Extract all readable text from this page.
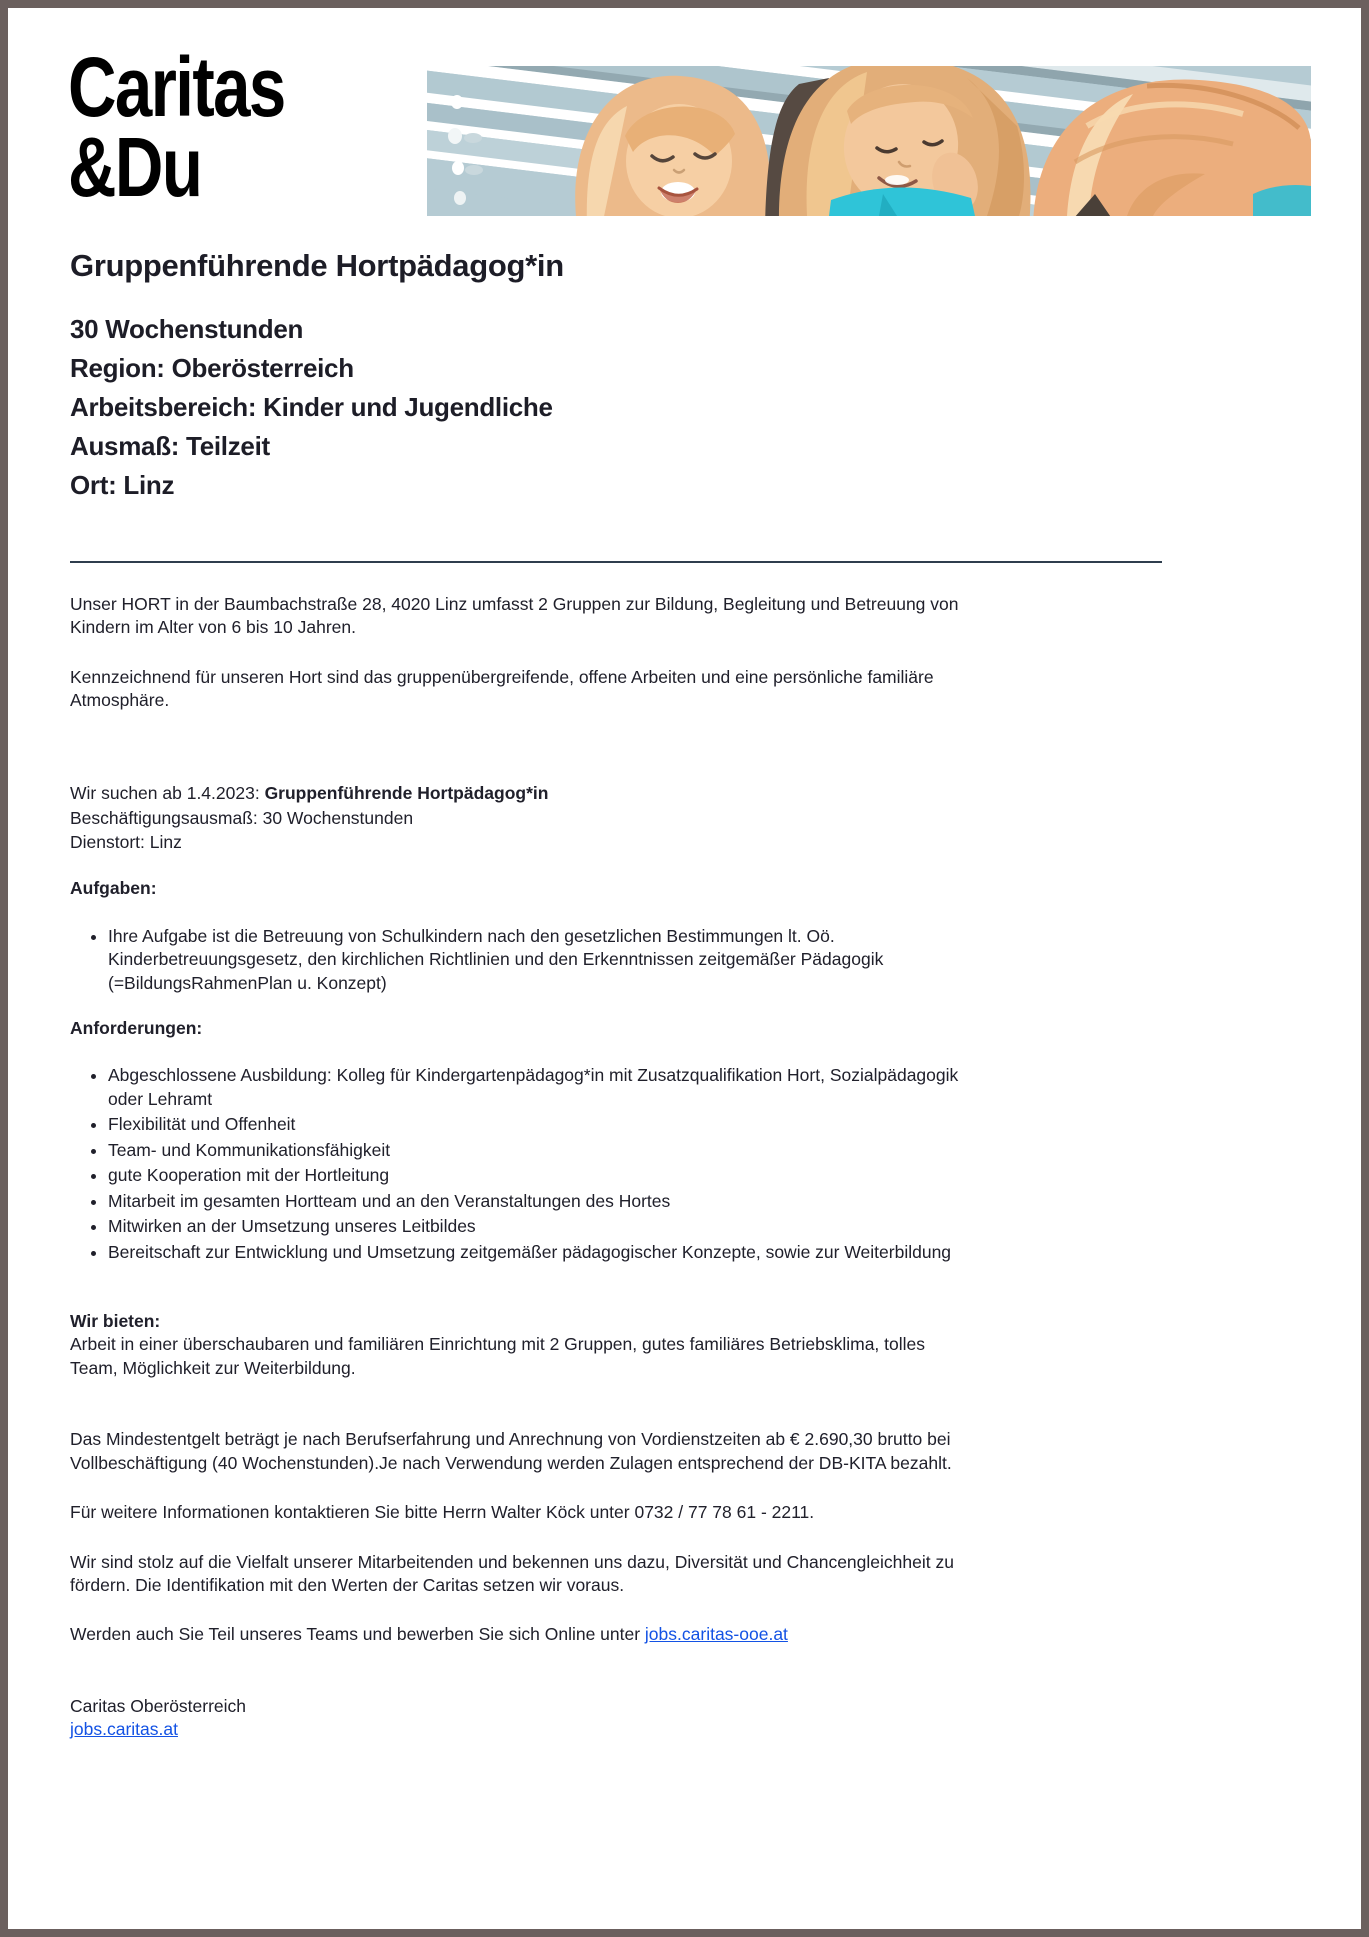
Caritas
&Du
Gruppenführende Hortpädagog*in

30 Wochenstunden

Region: Oberösterreich

Arbeitsbereich: Kinder und Jugendliche

Ausmaß: Teilzeit

Ort: Linz

Unser HORT in der Baumbachstraße 28, 4020 Linz umfasst 2 Gruppen zur Bildung, Begleitung und Betreuung von Kindern im Alter von 6 bis 10 Jahren.

Kennzeichnend für unseren Hort sind das gruppenübergreifende, offene Arbeiten und eine persönliche familiäre Atmosphäre.

Wir suchen ab 1.4.2023: Gruppenführende Hortpädagog*in

Beschäftigungsausmaß: 30 Wochenstunden

Dienstort: Linz

Aufgaben:

• Ihre Aufgabe ist die Betreuung von Schulkindern nach den gesetzlichen Bestimmungen lt. Oö. Kinderbetreuungsgesetz, den kirchlichen Richtlinien und den Erkenntnissen zeitgemäßer Pädagogik (=BildungsRahmenPlan u. Konzept)

Anforderungen:

• Abgeschlossene Ausbildung: Kolleg für Kindergartenpädagog*in mit Zusatzqualifikation Hort, Sozialpädagogik oder Lehramt
• Flexibilität und Offenheit
• Team- und Kommunikationsfähigkeit
• gute Kooperation mit der Hortleitung
• Mitarbeit im gesamten Hortteam und an den Veranstaltungen des Hortes
• Mitwirken an der Umsetzung unseres Leitbildes
• Bereitschaft zur Entwicklung und Umsetzung zeitgemäßer pädagogischer Konzepte, sowie zur Weiterbildung

Wir bieten:

Arbeit in einer überschaubaren und familiären Einrichtung mit 2 Gruppen, gutes familiäres Betriebsklima, tolles Team, Möglichkeit zur Weiterbildung.

Das Mindestentgelt beträgt je nach Berufserfahrung und Anrechnung von Vordienstzeiten ab € 2.690,30 brutto bei Vollbeschäftigung (40 Wochenstunden).Je nach Verwendung werden Zulagen entsprechend der DB-KITA bezahlt.

Für weitere Informationen kontaktieren Sie bitte Herrn Walter Köck unter 0732 / 77 78 61 - 2211.

Wir sind stolz auf die Vielfalt unserer Mitarbeitenden und bekennen uns dazu, Diversität und Chancengleichheit zu fördern. Die Identifikation mit den Werten der Caritas setzen wir voraus.

Werden auch Sie Teil unseres Teams und bewerben Sie sich Online unter jobs.caritas-ooe.at

Caritas Oberösterreich

jobs.caritas.at
